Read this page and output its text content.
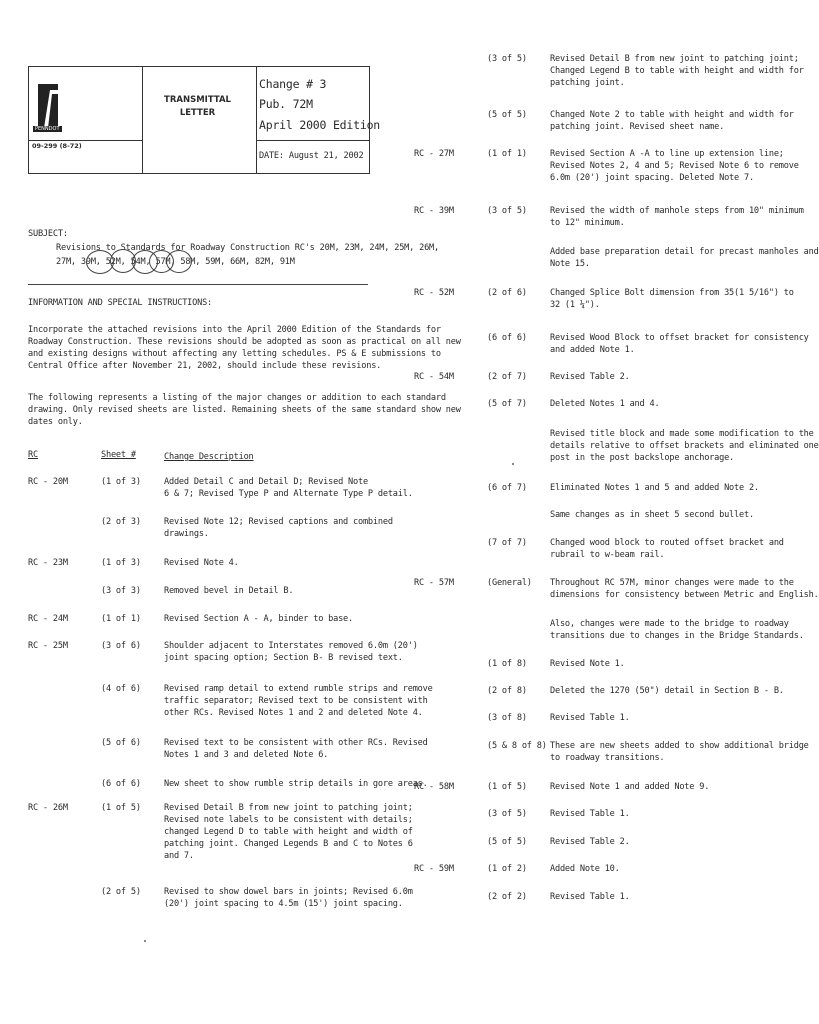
PENNDOT
09-299 (8-72)
TRANSMITTAL
LETTER
Change # 3
Pub. 72M
April 2000 Edition
DATE: August 21, 2002
SUBJECT:
Revisions to Standards for Roadway Construction RC's 20M, 23M, 24M, 25M, 26M,
27M, 39M, 52M, 54M, 57M, 58M, 59M, 66M, 82M, 91M
INFORMATION AND SPECIAL INSTRUCTIONS:
Incorporate the attached revisions into the April 2000 Edition of the Standards for
Roadway Construction. These revisions should be adopted as soon as practical on all new
and existing designs without affecting any letting schedules. PS & E submissions to
Central Office after November 21, 2002, should include these revisions.
The following represents a listing of the major changes or addition to each standard
drawing. Only revised sheets are listed. Remaining sheets of the same standard show new
dates only.
RC	Sheet #	Change Description
RC - 20M	(1 of 3)	Added Detail C and Detail D; Revised Note
6 & 7; Revised Type P and Alternate Type P detail.
(2 of 3)	Revised Note 12; Revised captions and combined
drawings.
RC - 23M	(1 of 3)	Revised Note 4.
(3 of 3)	Removed bevel in Detail B.
RC - 24M	(1 of 1)	Revised Section A - A, binder to base.
RC - 25M	(3 of 6)	Shoulder adjacent to Interstates removed 6.0m (20')
joint spacing option; Section B- B revised text.
(4 of 6)	Revised ramp detail to extend rumble strips and remove
traffic separator; Revised text to be consistent with
other RCs. Revised Notes 1 and 2 and deleted Note 4.
(5 of 6)	Revised text to be consistent with other RCs. Revised
Notes 1 and 3 and deleted Note 6.
(6 of 6)	New sheet to show rumble strip details in gore areas.
RC - 26M	(1 of 5)	Revised Detail B from new joint to patching joint;
Revised note labels to be consistent with details;
changed Legend D to table with height and width of
patching joint. Changed Legends B and C to Notes 6
and 7.
(2 of 5)	Revised to show dowel bars in joints; Revised 6.0m
(20') joint spacing to 4.5m (15') joint spacing.
(3 of 5)	Revised Detail B from new joint to patching joint;
Changed Legend B to table with height and width for
patching joint.
(5 of 5)	Changed Note 2 to table with height and width for
patching joint. Revised sheet name.
RC - 27M	(1 of 1)	Revised Section A -A to line up extension line;
Revised Notes 2, 4 and 5; Revised Note 6 to remove
6.0m (20') joint spacing. Deleted Note 7.
RC - 39M	(3 of 5)	Revised the width of manhole steps from 10" minimum
to 12" minimum.
Added base preparation detail for precast manholes and
Note 15.
RC - 52M	(2 of 6)	Changed Splice Bolt dimension from 35(1 5/16") to
32 (1 ¼").
(6 of 6)	Revised Wood Block to offset bracket for consistency
and added Note 1.
RC - 54M	(2 of 7)	Revised Table 2.
(5 of 7)	Deleted Notes 1 and 4.
Revised title block and made some modification to the
details relative to offset brackets and eliminated one
post in the post backslope anchorage.
(6 of 7)	Eliminated Notes 1 and 5 and added Note 2.
Same changes as in sheet 5 second bullet.
(7 of 7)	Changed wood block to routed offset bracket and
rubrail to w-beam rail.
RC - 57M	(General) Throughout RC 57M, minor changes were made to the
dimensions for consistency between Metric and English.
Also, changes were made to the bridge to roadway
transitions due to changes in the Bridge Standards.
(1 of 8)	Revised Note 1.
(2 of 8)	Deleted the 1270 (50") detail in Section B - B.
(3 of 8)	Revised Table 1.
(5 & 8 of 8) These are new sheets added to show additional bridge
to roadway transitions.
RC - 58M	(1 of 5)	Revised Note 1 and added Note 9.
(3 of 5)	Revised Table 1.
(5 of 5)	Revised Table 2.
RC - 59M	(1 of 2)	Added Note 10.
(2 of 2)	Revised Table 1.
